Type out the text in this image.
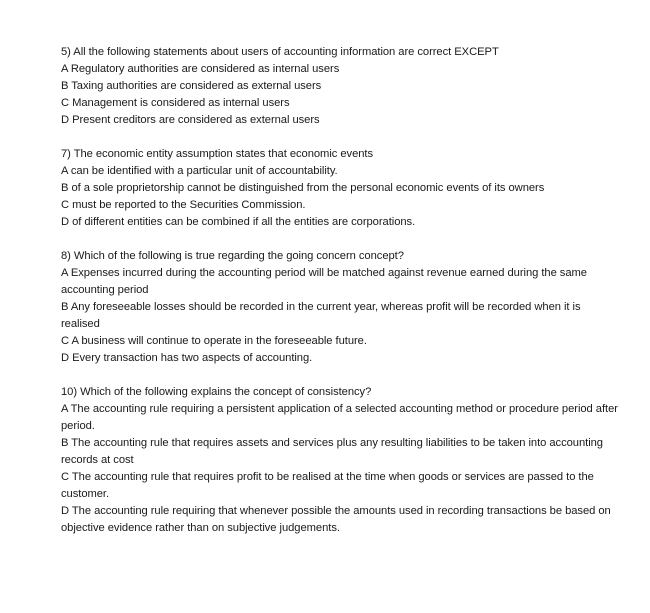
5) All the following statements about users of accounting information are correct EXCEPT

A Regulatory authorities are considered as internal users

B Taxing authorities are considered as external users

C Management is considered as internal users

D Present creditors are considered as external users

7) The economic entity assumption states that economic events

A can be identified with a particular unit of accountability.

B of a sole proprietorship cannot be distinguished from the personal economic events of its owners

C must be reported to the Securities Commission.

D of different entities can be combined if all the entities are corporations.

8) Which of the following is true regarding the going concern concept?

A Expenses incurred during the accounting period will be matched against revenue earned during the same accounting period

B Any foreseeable losses should be recorded in the current year, whereas profit will be recorded when it is realised

C A business will continue to operate in the foreseeable future.

D Every transaction has two aspects of accounting.

10) Which of the following explains the concept of consistency?

A The accounting rule requiring a persistent application of a selected accounting method or procedure period after period.

B The accounting rule that requires assets and services plus any resulting liabilities to be taken into accounting records at cost

C The accounting rule that requires profit to be realised at the time when goods or services are passed to the customer.

D The accounting rule requiring that whenever possible the amounts used in recording transactions be based on objective evidence rather than on subjective judgements.
